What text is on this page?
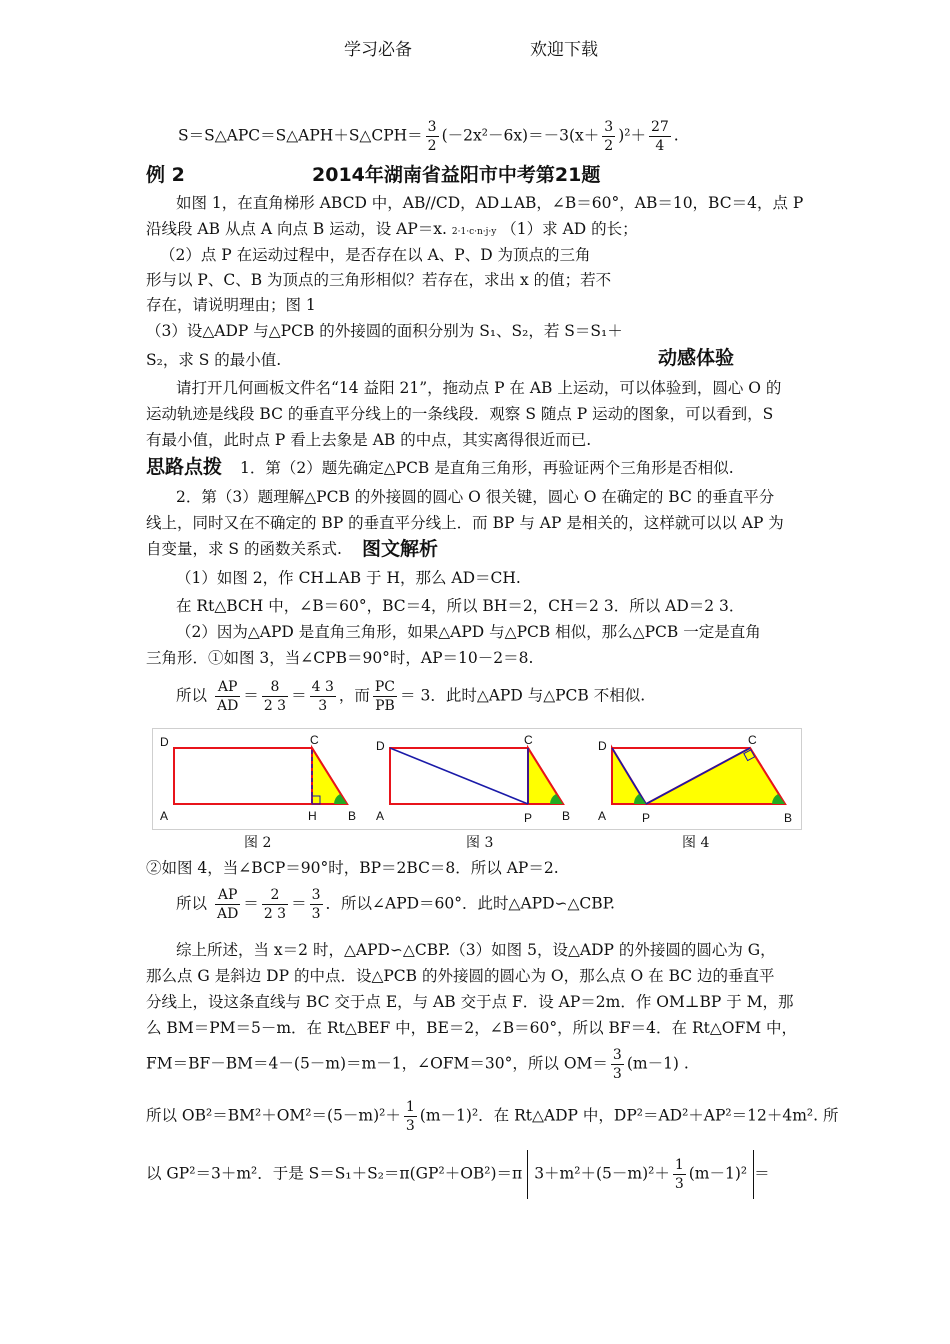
学习必备	欢迎下载
S＝S△APC＝S△APH＋S△CPH＝ $\frac{3}{2} (-2x^2-6x)=-3(x+ \frac{3}{2} )^2+ \frac{27}{4}$ .
例 2	2014年湖南省益阳市中考第21题
如图 1，在直角梯形 ABCD 中，AB//CD，AD⊥AB，∠B＝60°，AB＝10，BC＝4，点 P
沿线段 AB 从点 A 向点 B 运动，设 AP＝x. 2·1·c·n·j·y （1）求 AD 的长；
（2）点 P 在运动过程中，是否存在以 A、P、D 为顶点的三角
形与以 P、C、B 为顶点的三角形相似？若存在，求出 x 的值；若不
存在，请说明理由；图 1
（3）设△ADP 与△PCB 的外接圆的面积分别为 S₁、S₂，若 S＝S₁＋
S₂，求 S 的最小值.	动感体验
请打开几何画板文件名“14 益阳 21”，拖动点 P 在 AB 上运动，可以体验到，圆心 O 的
运动轨迹是线段 BC 的垂直平分线上的一条线段．观察 S 随点 P 运动的图象，可以看到，S
有最小值，此时点 P 看上去象是 AB 的中点，其实离得很近而已.
思路点拨 1．第（2）题先确定△PCB 是直角三角形，再验证两个三角形是否相似.
2．第（3）题理解△PCB 的外接圆的圆心 O 很关键，圆心 O 在确定的 BC 的垂直平分
线上，同时又在不确定的 BP 的垂直平分线上．而 BP 与 AP 是相关的，这样就可以以 AP 为
自变量，求 S 的函数关系式. 图文解析
（1）如图 2，作 CH⊥AB 于 H，那么 AD＝CH.
在 Rt△BCH 中，∠B＝60°，BC＝4，所以 BH＝2，CH＝2 3．所以 AD＝2 3．
（2）因为△APD 是直角三角形，如果△APD 与△PCB 相似，那么△PCB 一定是直角
三角形．①如图 3，当∠CPB＝90°时，AP＝10－2＝8.
所以 $\frac{AP}{AD} = \frac{8}{2 3} = \frac{4 3}{3}$ ，而 $\frac{PC}{PB} = 3$．此时△APD 与△PCB 不相似.
D	C
A	H	B
D	C
A	P B
D	C
A	P	B
图 2	图 3	图 4
②如图 4，当∠BCP＝90°时，BP＝2BC＝8．所以 AP＝2.
所以 $\frac{AP}{AD} = \frac{2}{2 3} = \frac{3}{3}$ ．所以∠APD＝60°．此时△APD∽△CBP.
综上所述，当 x＝2 时，△APD∽△CBP.（3）如图 5，设△ADP 的外接圆的圆心为 G，
那么点 G 是斜边 DP 的中点．设△PCB 的外接圆的圆心为 O，那么点 O 在 BC 边的垂直平
分线上，设这条直线与 BC 交于点 E，与 AB 交于点 F．设 AP＝2m．作 OM⊥BP 于 M，那
么 BM＝PM＝5－m．在 Rt△BEF 中，BE＝2，∠B＝60°，所以 BF＝4．在 Rt△OFM 中，
FM＝BF－BM＝4－(5－m)＝m－1，∠OFM＝30°，所以 $OM= \frac{3}{3} (m-1)$ .
所以 $OB^2=BM^2+OM^2=(5-m)^2+ \frac{1}{3} (m-1)^2$．在 Rt△ADP 中，DP²＝AD²＋AP²＝12＋4m². 所
以 GP²＝3＋m²．于是 S＝S₁＋S₂＝π(GP²＋OB²)＝π $3+m^2+(5-m)^2+ \frac{1}{3} (m-1)^2$ ＝
